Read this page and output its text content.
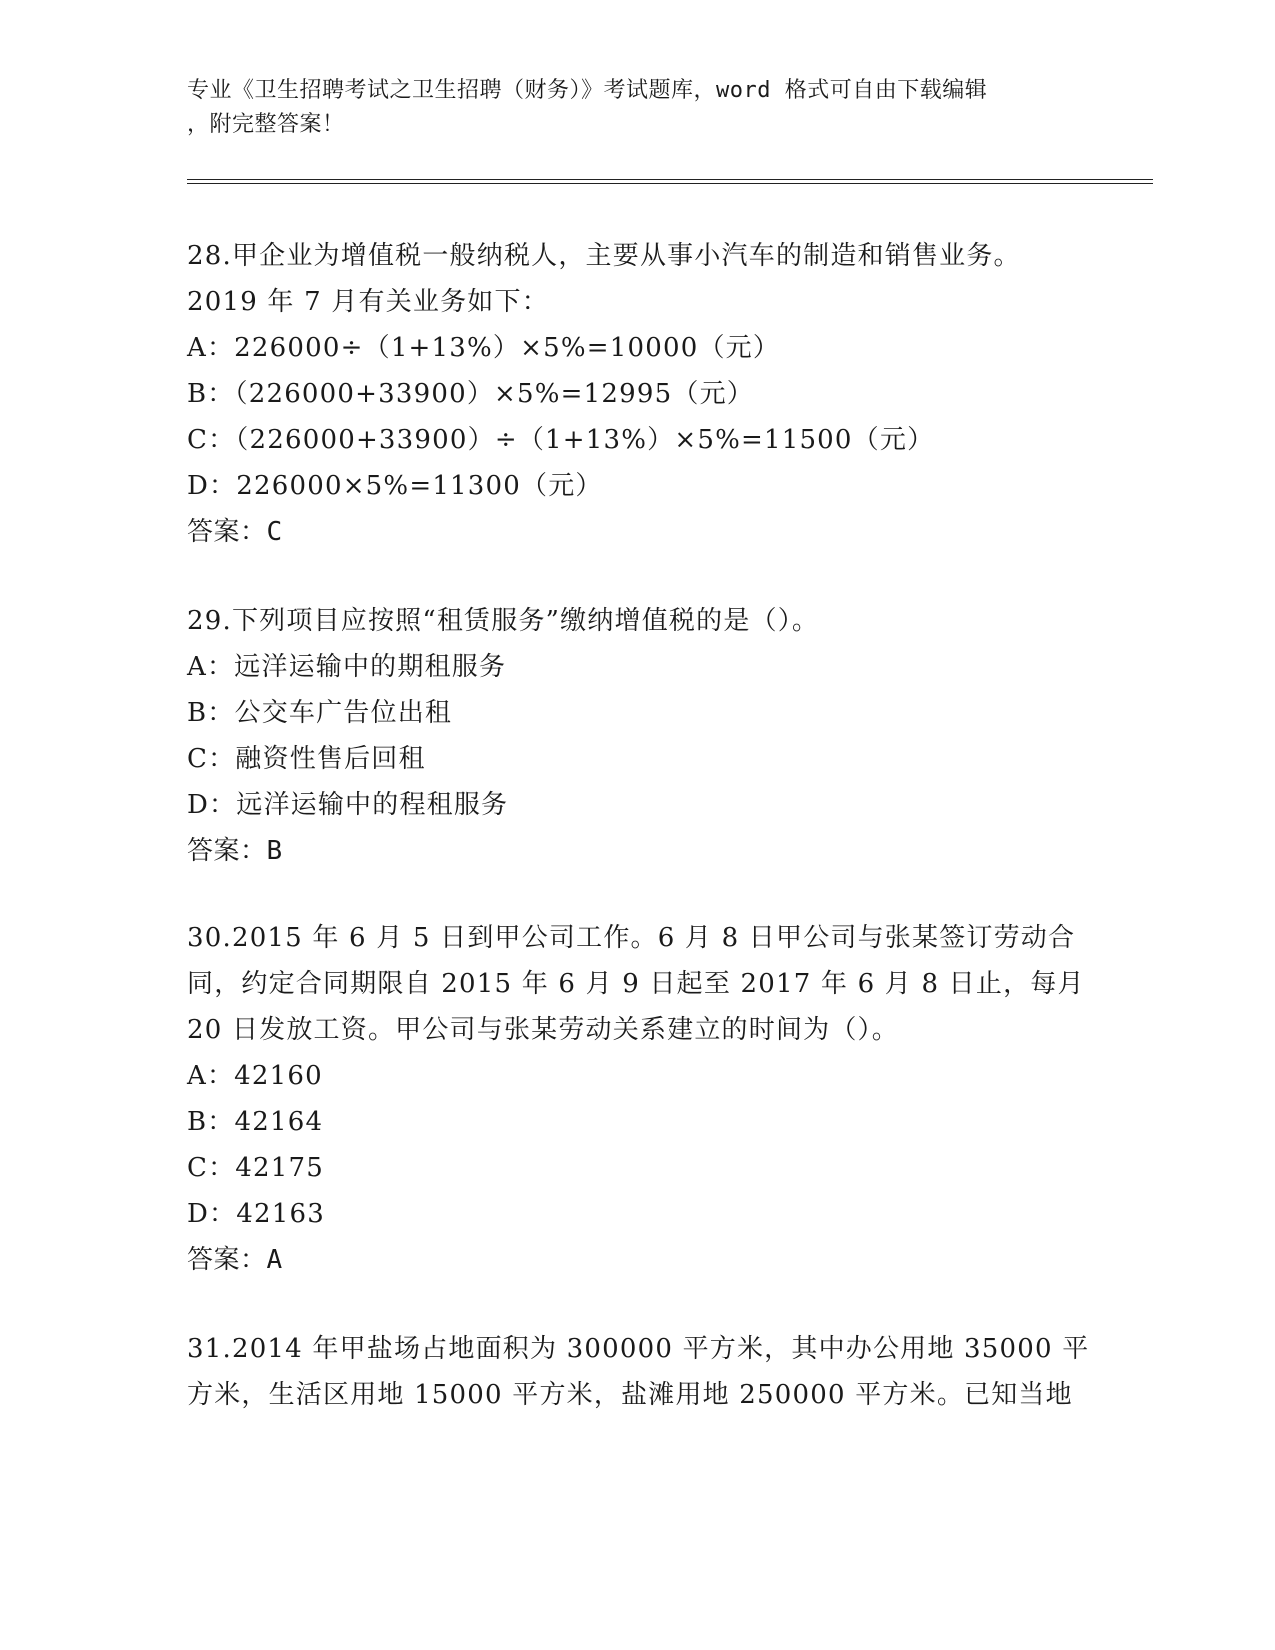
专业《卫生招聘考试之卫生招聘（财务）》考试题库，word 格式可自由下载编辑
，附完整答案！
28.甲企业为增值税一般纳税人，主要从事小汽车的制造和销售业务。
2019 年 7 月有关业务如下：
A：226000÷（1+13%）×5%=10000（元）
B：（226000+33900）×5%=12995（元）
C：（226000+33900）÷（1+13%）×5%=11500（元）
D：226000×5%=11300（元）
答案：C
29.下列项目应按照“租赁服务”缴纳增值税的是（）。
A：远洋运输中的期租服务
B：公交车广告位出租
C：融资性售后回租
D：远洋运输中的程租服务
答案：B
30.2015 年 6 月 5 日到甲公司工作。6 月 8 日甲公司与张某签订劳动合
同，约定合同期限自 2015 年 6 月 9 日起至 2017 年 6 月 8 日止，每月
20 日发放工资。甲公司与张某劳动关系建立的时间为（）。
A：42160
B：42164
C：42175
D：42163
答案：A
31.2014 年甲盐场占地面积为 300000 平方米，其中办公用地 35000 平
方米，生活区用地 15000 平方米，盐滩用地 250000 平方米。已知当地
